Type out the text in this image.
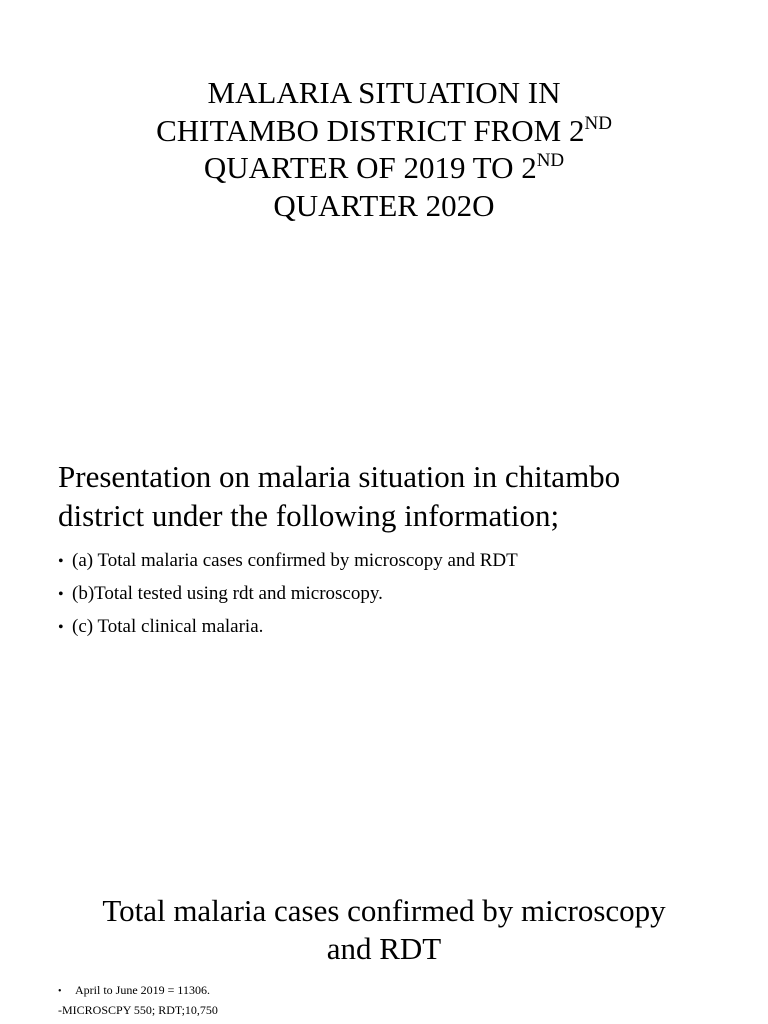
MALARIA SITUATION IN
CHITAMBO DISTRICT FROM 2ND
QUARTER OF 2019 TO 2ND
QUARTER 202O
Presentation on malaria situation in chitambo
district under the following information;
• (a) Total malaria cases confirmed by microscopy and RDT
• (b)Total tested using rdt and microscopy.
• (c) Total clinical malaria.
Total malaria cases confirmed by microscopy
and RDT
• April to June 2019 = 11306.
-MICROSCPY 550; RDT;10,750
